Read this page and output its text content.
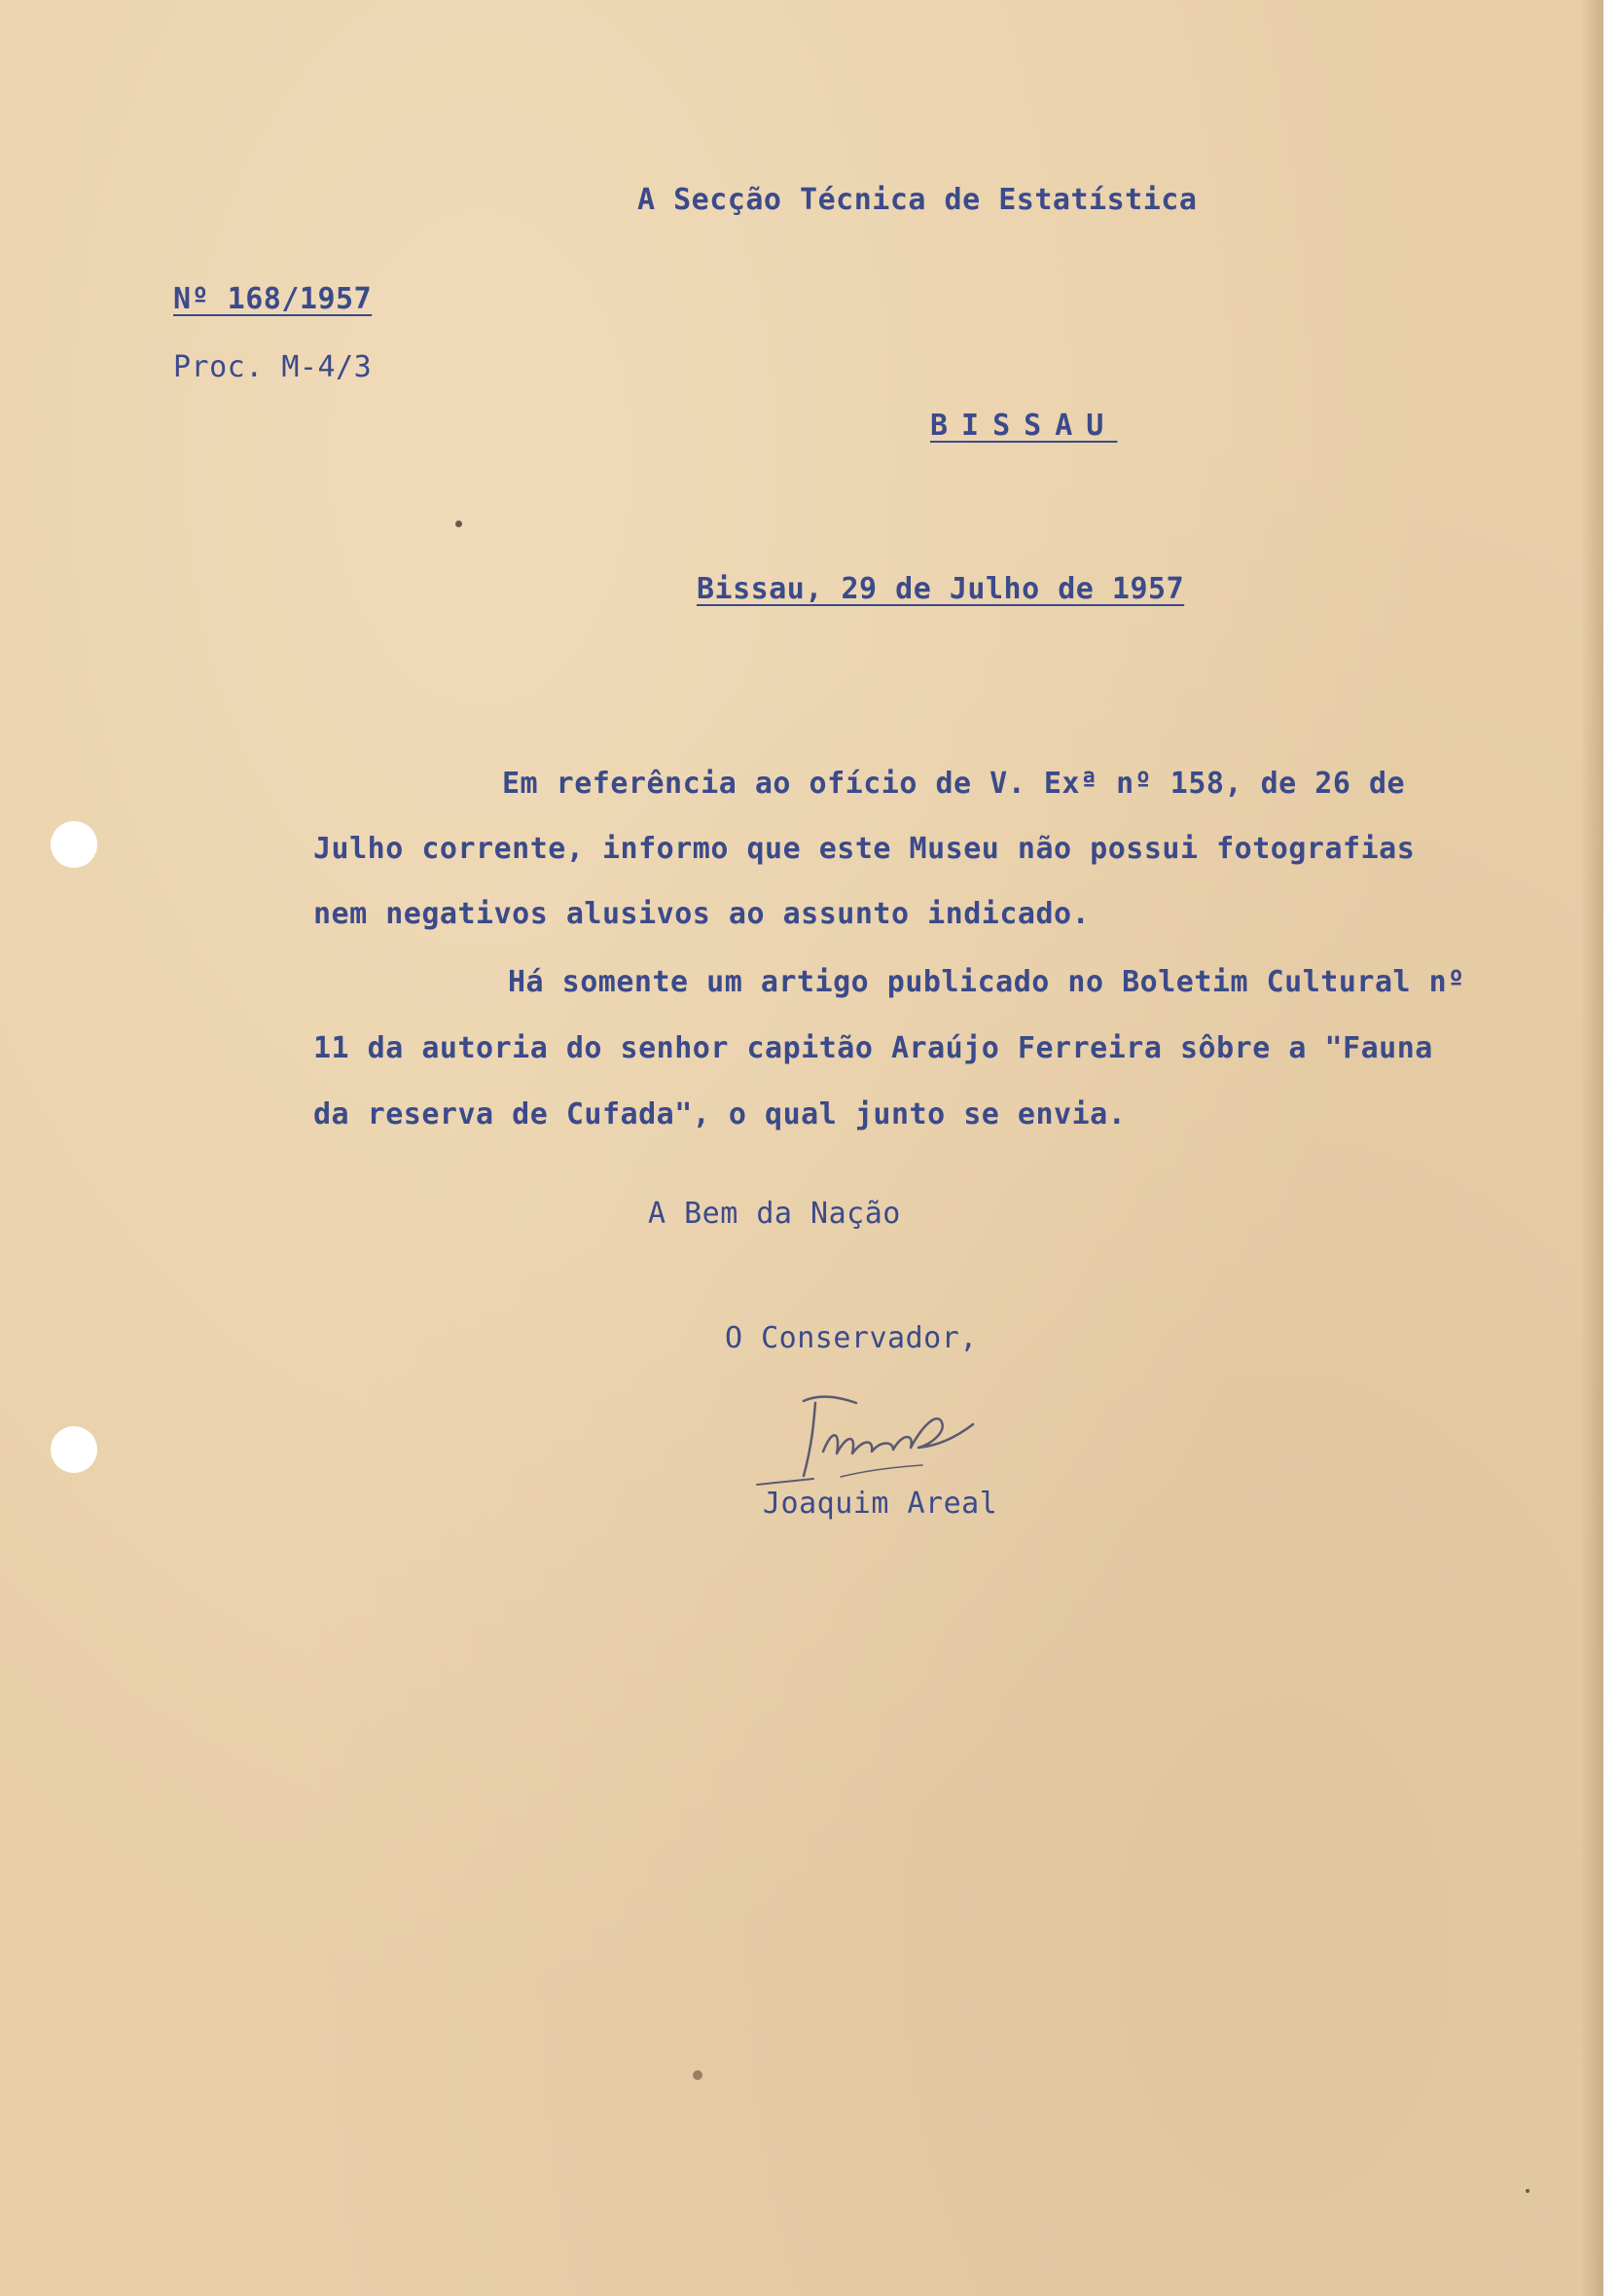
A Secção Técnica de Estatística
Nº 168/1957
Proc. M-4/3
BISSAU
Bissau, 29 de Julho de 1957
Em referência ao ofício de V. Exª nº 158, de 26 de
Julho corrente, informo que este Museu não possui fotografias
nem negativos alusivos ao assunto indicado.
Há somente um artigo publicado no Boletim Cultural nº
11 da autoria do senhor capitão Araújo Ferreira sôbre a "Fauna
da reserva de Cufada", o qual junto se envia.
A Bem da Nação
O Conservador,
Joaquim Areal
